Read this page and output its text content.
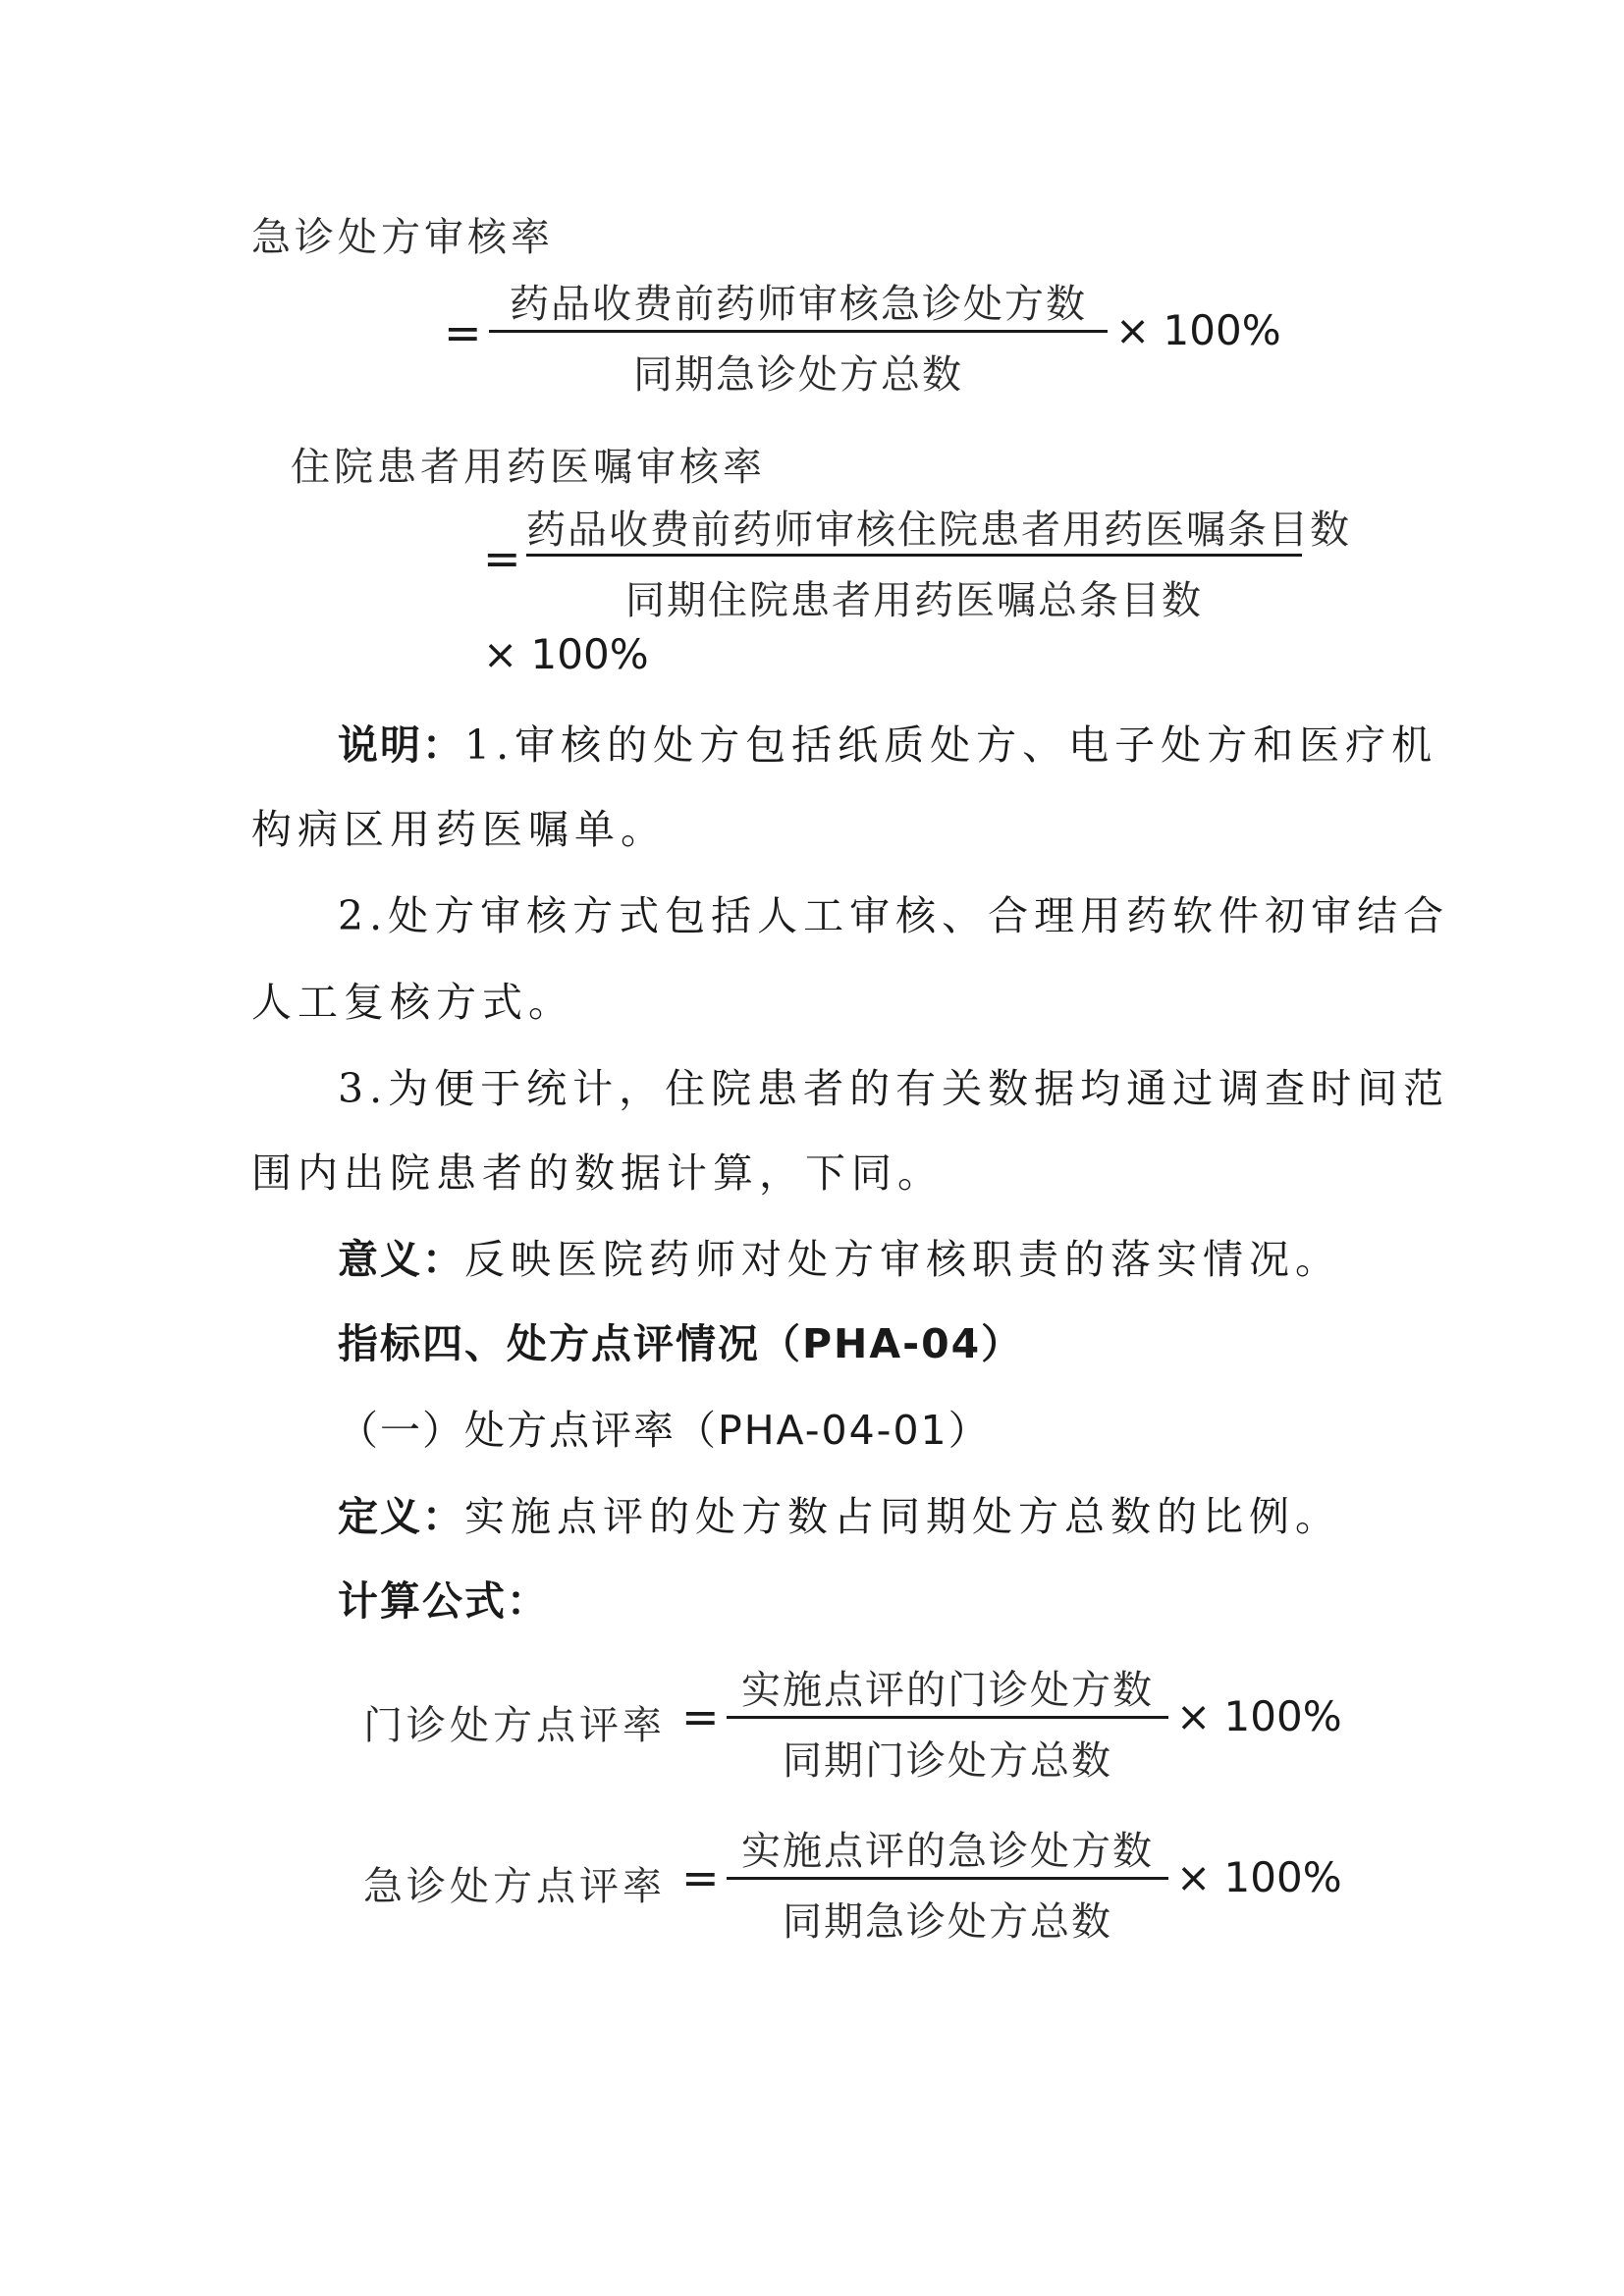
急诊处方审核率
=
药品收费前药师审核急诊处方数
同期急诊处方总数
× 100%
住院患者用药医嘱审核率
=
药品收费前药师审核住院患者用药医嘱条目数
同期住院患者用药医嘱总条目数
× 100%
说明：1.审核的处方包括纸质处方、电子处方和医疗机
构病区用药医嘱单。
2.处方审核方式包括人工审核、合理用药软件初审结合
人工复核方式。
3.为便于统计，住院患者的有关数据均通过调查时间范
围内出院患者的数据计算，下同。
意义：反映医院药师对处方审核职责的落实情况。
指标四、处方点评情况（PHA-04）
（一）处方点评率（PHA-04-01）
定义：实施点评的处方数占同期处方总数的比例。
计算公式：
门诊处方点评率 = 实施点评的门诊处方数
同期门诊处方总数
× 100%
急诊处方点评率 = 实施点评的急诊处方数
同期急诊处方总数
× 100%
